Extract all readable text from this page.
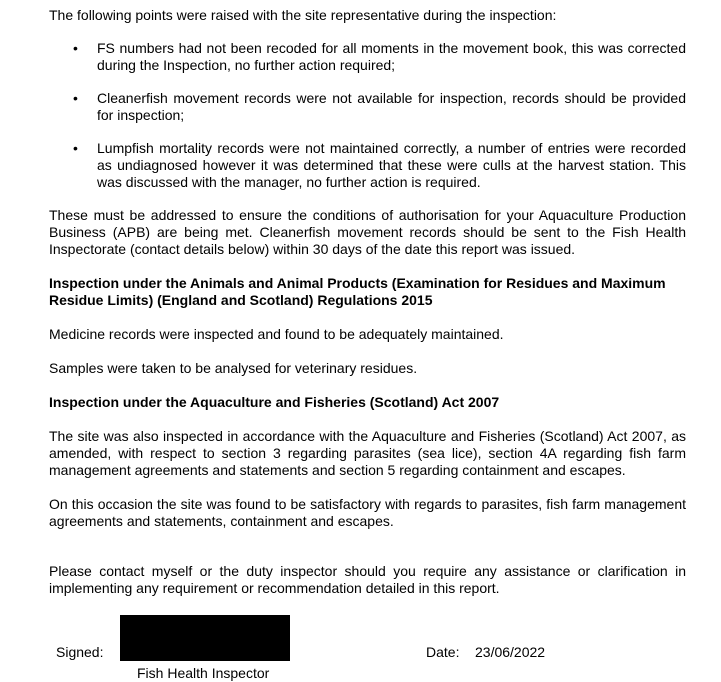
The following points were raised with the site representative during the inspection:

• FS numbers had not been recoded for all moments in the movement book, this was corrected during the Inspection, no further action required;
• Cleanerfish movement records were not available for inspection, records should be provided for inspection;
• Lumpfish mortality records were not maintained correctly, a number of entries were recorded as undiagnosed however it was determined that these were culls at the harvest station. This was discussed with the manager, no further action is required.

These must be addressed to ensure the conditions of authorisation for your Aquaculture Production Business (APB) are being met. Cleanerfish movement records should be sent to the Fish Health Inspectorate (contact details below) within 30 days of the date this report was issued.

Inspection under the Animals and Animal Products (Examination for Residues and Maximum Residue Limits) (England and Scotland) Regulations 2015

Medicine records were inspected and found to be adequately maintained.

Samples were taken to be analysed for veterinary residues.

Inspection under the Aquaculture and Fisheries (Scotland) Act 2007

The site was also inspected in accordance with the Aquaculture and Fisheries (Scotland) Act 2007, as amended, with respect to section 3 regarding parasites (sea lice), section 4A regarding fish farm management agreements and statements and section 5 regarding containment and escapes.

On this occasion the site was found to be satisfactory with regards to parasites, fish farm management agreements and statements, containment and escapes.

Please contact myself or the duty inspector should you require any assistance or clarification in implementing any requirement or recommendation detailed in this report.

Signed:
Fish Health Inspector
Date: 23/06/2022
